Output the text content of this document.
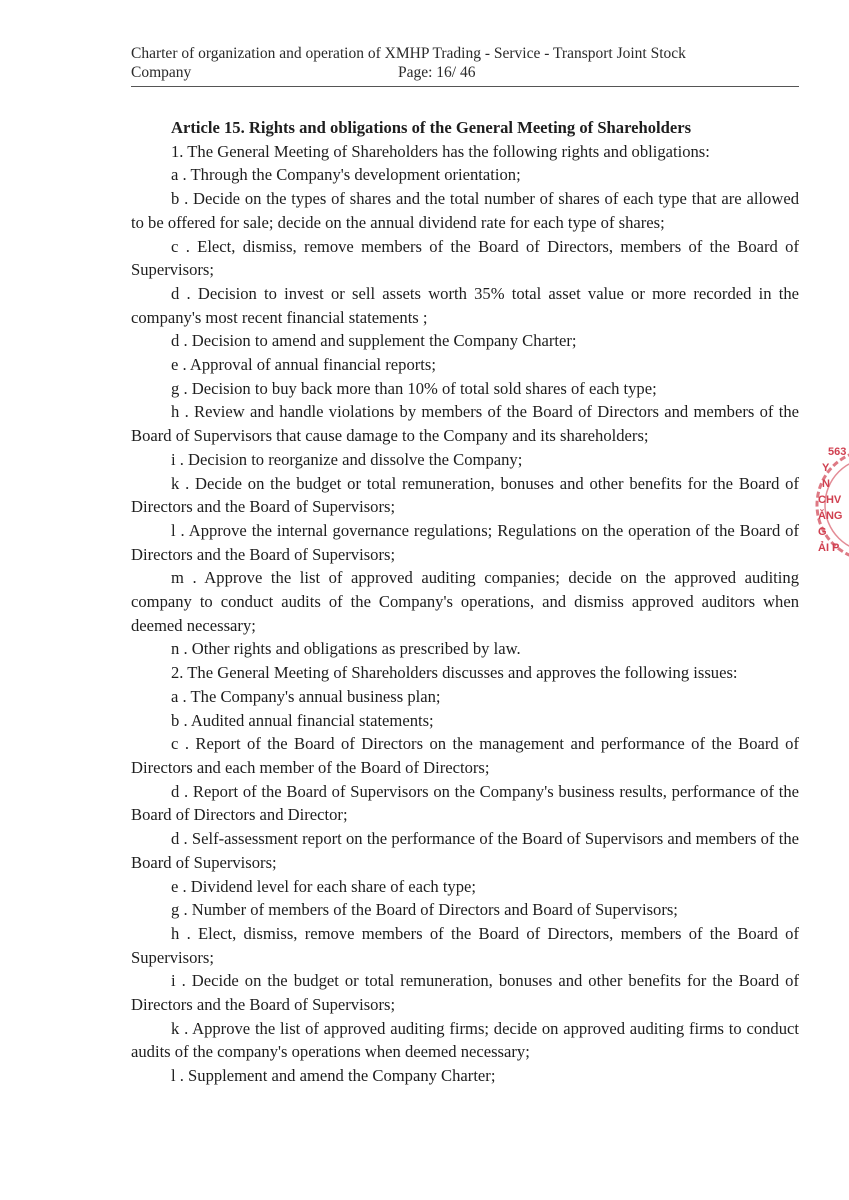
Charter of organization and operation of XMHP Trading - Service - Transport Joint Stock
Company	Page: 16/ 46

Article 15. Rights and obligations of the General Meeting of Shareholders

1. The General Meeting of Shareholders has the following rights and obligations:

a . Through the Company's development orientation;

b . Decide on the types of shares and the total number of shares of each type that are allowed to be offered for sale; decide on the annual dividend rate for each type of shares;

c . Elect, dismiss, remove members of the Board of Directors, members of the Board of Supervisors;

d . Decision to invest or sell assets worth 35% total asset value or more recorded in the company's most recent financial statements ;

d . Decision to amend and supplement the Company Charter;

e . Approval of annual financial reports;

g . Decision to buy back more than 10% of total sold shares of each type;

h . Review and handle violations by members of the Board of Directors and members of the Board of Supervisors that cause damage to the Company and its shareholders;

i . Decision to reorganize and dissolve the Company;

k . Decide on the budget or total remuneration, bonuses and other benefits for the Board of Directors and the Board of Supervisors;

l . Approve the internal governance regulations; Regulations on the operation of the Board of Directors and the Board of Supervisors;

m . Approve the list of approved auditing companies; decide on the approved auditing company to conduct audits of the Company's operations, and dismiss approved auditors when deemed necessary;

n . Other rights and obligations as prescribed by law.

2. The General Meeting of Shareholders discusses and approves the following issues:

a . The Company's annual business plan;

b . Audited annual financial statements;

c . Report of the Board of Directors on the management and performance of the Board of Directors and each member of the Board of Directors;

d . Report of the Board of Supervisors on the Company's business results, performance of the Board of Directors and Director;

d . Self-assessment report on the performance of the Board of Supervisors and members of the Board of Supervisors;

e . Dividend level for each share of each type;

g . Number of members of the Board of Directors and Board of Supervisors;

h . Elect, dismiss, remove members of the Board of Directors, members of the Board of Supervisors;

i . Decide on the budget or total remuneration, bonuses and other benefits for the Board of Directors and the Board of Supervisors;

k . Approve the list of approved auditing firms; decide on approved auditing firms to conduct audits of the company's operations when deemed necessary;

l . Supplement and amend the Company Charter;

563
Y
N
CHV
ĂNG
G
ẢI P
